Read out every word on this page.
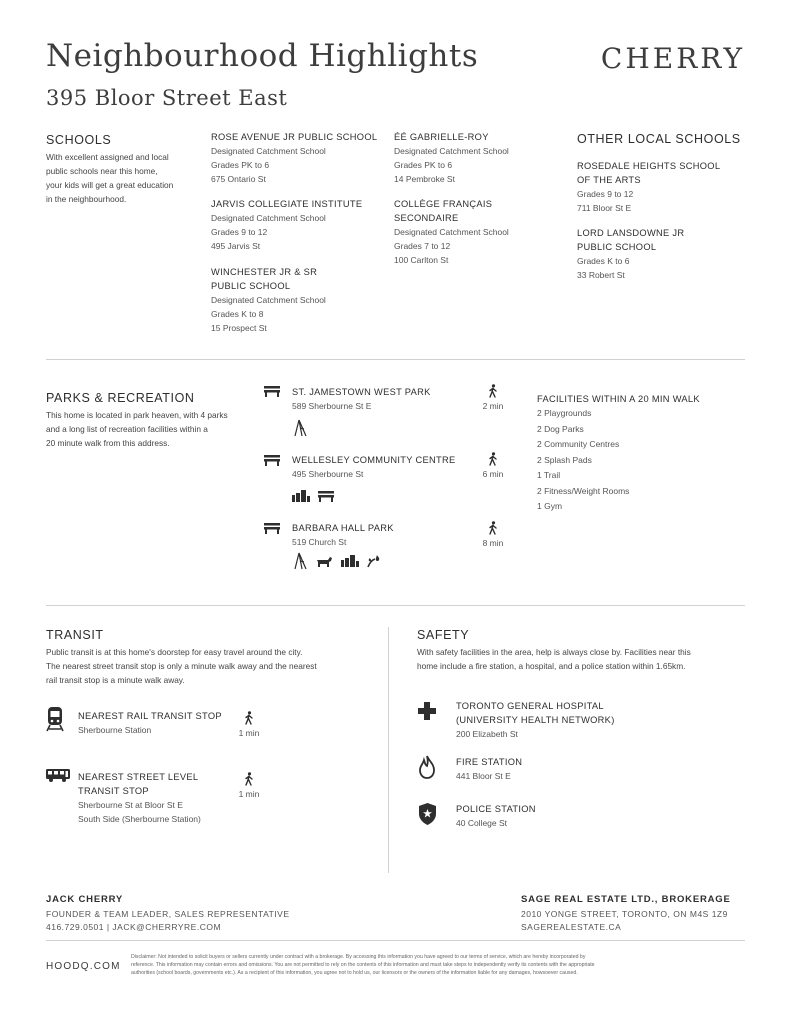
Neighbourhood Highlights
395 Bloor Street East
CHERRY
SCHOOLS
With excellent assigned and local
public schools near this home,
your kids will get a great education
in the neighbourhood.
ROSE AVENUE JR PUBLIC SCHOOL
Designated Catchment School
Grades PK to 6
675 Ontario St
JARVIS COLLEGIATE INSTITUTE
Designated Catchment School
Grades 9 to 12
495 Jarvis St
WINCHESTER JR & SR
PUBLIC SCHOOL
Designated Catchment School
Grades K to 8
15 Prospect St
ÉÉ GABRIELLE-ROY
Designated Catchment School
Grades PK to 6
14 Pembroke St
COLLÈGE FRANÇAIS
SECONDAIRE
Designated Catchment School
Grades 7 to 12
100 Carlton St
OTHER LOCAL SCHOOLS
ROSEDALE HEIGHTS SCHOOL
OF THE ARTS
Grades 9 to 12
711 Bloor St E
LORD LANSDOWNE JR
PUBLIC SCHOOL
Grades K to 6
33 Robert St
PARKS & RECREATION
This home is located in park heaven, with 4 parks
and a long list of recreation facilities within a
20 minute walk from this address.
ST. JAMESTOWN WEST PARK
589 Sherbourne St E	2 min
WELLESLEY COMMUNITY CENTRE
495 Sherbourne St
	6 min
BARBARA HALL PARK
519 Church St
	8 min
FACILITIES WITHIN A 20 MIN WALK
2 Playgrounds
2 Dog Parks
2 Community Centres
2 Splash Pads
1 Trail
2 Fitness/Weight Rooms
1 Gym
TRANSIT
Public transit is at this home's doorstep for easy travel around the city.
The nearest street transit stop is only a minute walk away and the nearest
rail transit stop is a minute walk away.
NEAREST RAIL TRANSIT STOP
Sherbourne Station	1 min
NEAREST STREET LEVEL
TRANSIT STOP
Sherbourne St at Bloor St E
South Side (Sherbourne Station)
1 min
SAFETY
With safety facilities in the area, help is always close by. Facilities near this
home include a fire station, a hospital, and a police station within 1.65km.
TORONTO GENERAL HOSPITAL
(UNIVERSITY HEALTH NETWORK)
200 Elizabeth St
FIRE STATION
441 Bloor St E
POLICE STATION
40 College St
JACK CHERRY
FOUNDER & TEAM LEADER, SALES REPRESENTATIVE
416.729.0501 | JACK@CHERRYRE.COM
SAGE REAL ESTATE LTD., BROKERAGE
2010 YONGE STREET, TORONTO, ON M4S 1Z9
SAGEREALESTATE.CA
HOODQ.COM
Disclaimer: Not intended to solicit buyers or sellers currently under contract with a brokerage. By accessing this information you have agreed to our terms of service, which are hereby incorporated by
reference. This information may contain errors and omissions. You are not permitted to rely on the contents of this information and must take steps to independently verify its contents with the appropriate
authorities (school boards, governments etc.). As a recipient of this information, you agree not to hold us, our licensors or the owners of the information liable for any damages, howsoever caused.
